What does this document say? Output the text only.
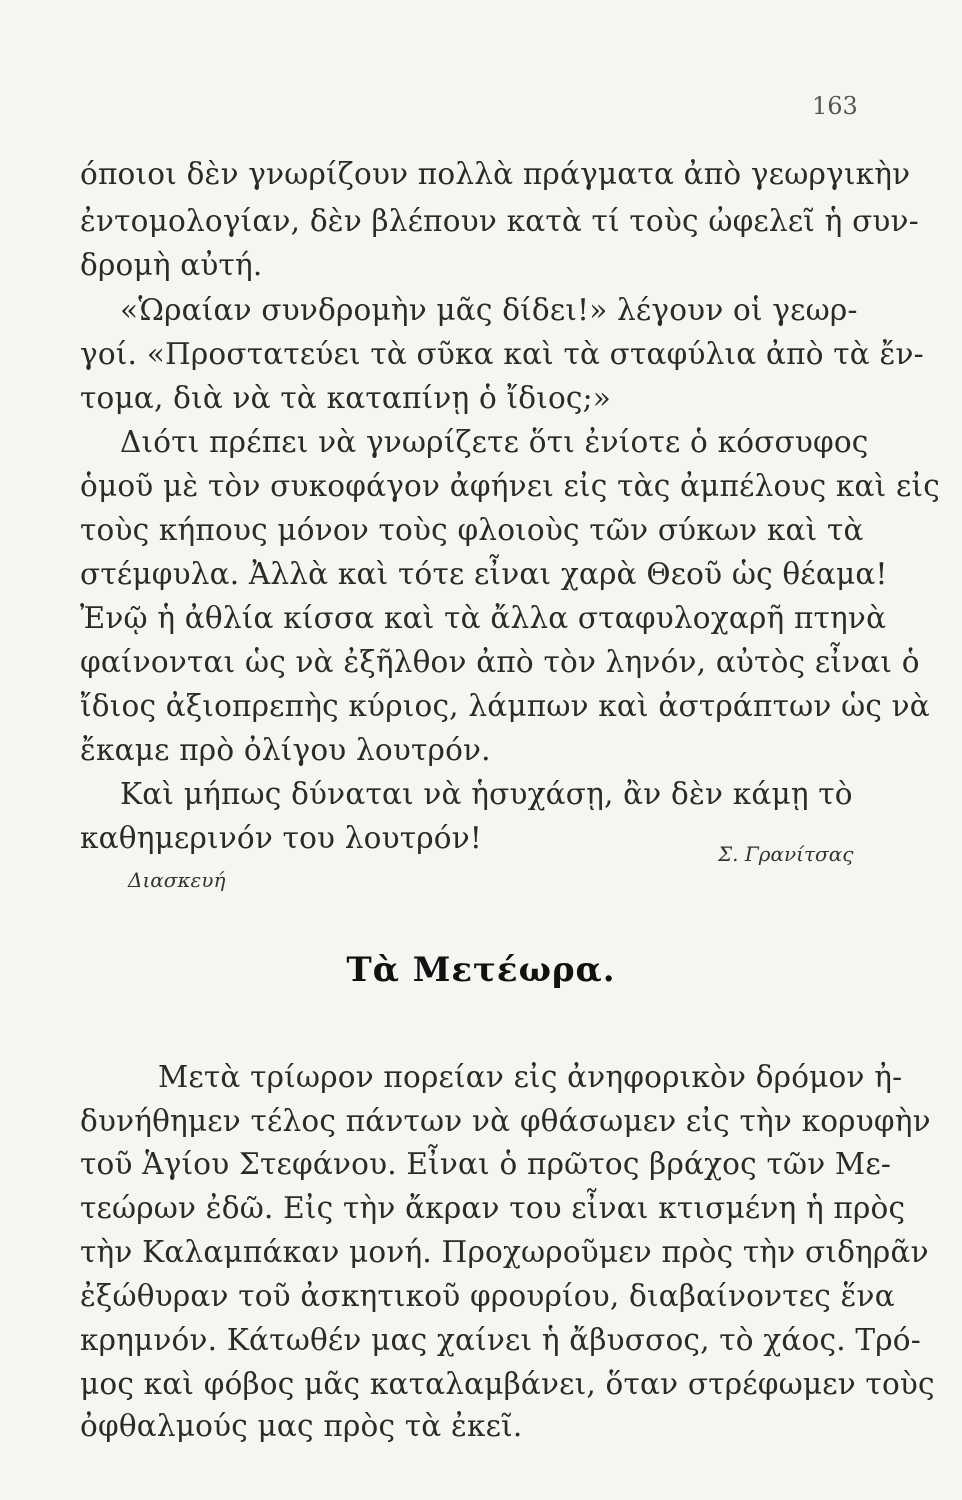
163
όποιοι δὲν γνωρίζουν πολλὰ πράγματα ἀπὸ γεωργικὴν
ἐντομολογίαν, δὲν βλέπουν κατὰ τί τοὺς ὠφελεῖ ἡ συν-
δρομὴ αὐτή.
«Ὡραίαν συνδρομὴν μᾶς δίδει!» λέγουν οἱ γεωρ-
γοί. «Προστατεύει τὰ σῦκα καὶ τὰ σταφύλια ἀπὸ τὰ ἔν-
τομα, διὰ νὰ τὰ καταπίνῃ ὁ ἴδιος;»
Διότι πρέπει νὰ γνωρίζετε ὅτι ἐνίοτε ὁ κόσσυφος
ὁμοῦ μὲ τὸν συκοφάγον ἀφήνει εἰς τὰς ἀμπέλους καὶ εἰς
τοὺς κήπους μόνον τοὺς φλοιοὺς τῶν σύκων καὶ τὰ
στέμφυλα. Ἀλλὰ καὶ τότε εἶναι χαρὰ Θεοῦ ὡς θέαμα!
Ἐνῷ ἡ ἀθλία κίσσα καὶ τὰ ἄλλα σταφυλοχαρῆ πτηνὰ
φαίνονται ὡς νὰ ἐξῆλθον ἀπὸ τὸν ληνόν, αὐτὸς εἶναι ὁ
ἴδιος ἀξιοπρεπὴς κύριος, λάμπων καὶ ἀστράπτων ὡς νὰ
ἔκαμε πρὸ ὀλίγου λουτρόν.
Καὶ μήπως δύναται νὰ ἡσυχάσῃ, ἂν δὲν κάμῃ τὸ
καθημερινόν του λουτρόν!	Σ. Γρανίτσας
Διασκευή
Τὰ Μετέωρα.
Μετὰ τρίωρον πορείαν εἰς ἀνηφορικὸν δρόμον ἠ-
δυνήθημεν τέλος πάντων νὰ φθάσωμεν εἰς τὴν κορυφὴν
τοῦ Ἁγίου Στεφάνου. Εἶναι ὁ πρῶτος βράχος τῶν Με-
τεώρων ἐδῶ. Εἰς τὴν ἄκραν του εἶναι κτισμένη ἡ πρὸς
τὴν Καλαμπάκαν μονή. Προχωροῦμεν πρὸς τὴν σιδηρᾶν
ἐξώθυραν τοῦ ἀσκητικοῦ φρουρίου, διαβαίνοντες ἕνα
κρημνόν. Κάτωθέν μας χαίνει ἡ ἄβυσσος, τὸ χάος. Τρό-
μος καὶ φόβος μᾶς καταλαμβάνει, ὅταν στρέφωμεν τοὺς
ὀφθαλμούς μας πρὸς τὰ ἐκεῖ.
